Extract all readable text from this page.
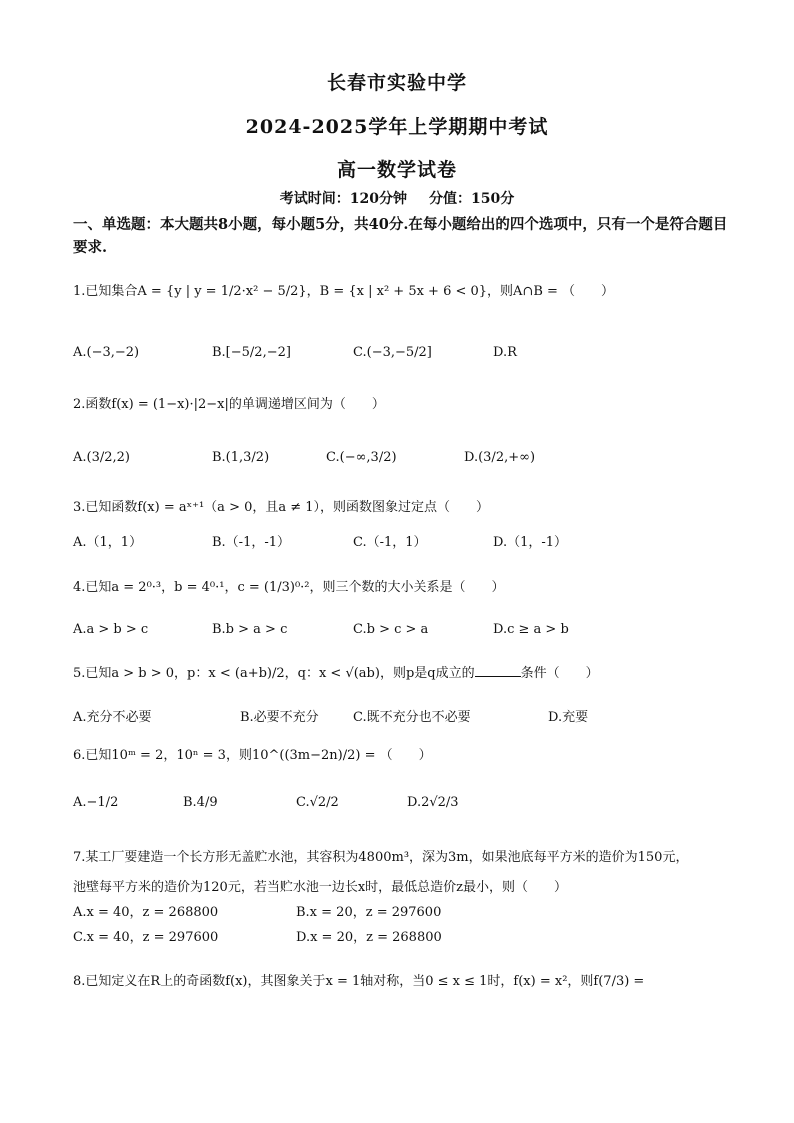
长春市实验中学
2024-2025学年上学期期中考试
高一数学试卷
考试时间：120分钟 分值：150分
一、单选题：本大题共8小题，每小题5分，共40分.在每小题给出的四个选项中，只有一个是符合题目要求.
1.已知集合A = {y | y = 1/2·x² − 5/2}，B = {x | x² + 5x + 6 < 0}，则A∩B = （　　）
A.(−3,−2)	B.[−5/2,−2]	C.(−3,−5/2]	D.R
2.函数f(x) = (1−x)·|2−x|的单调递增区间为（　　）
A.(3/2,2)	B.(1,3/2)	C.(−∞,3/2)	D.(3/2,+∞)
3.已知函数f(x) = aˣ⁺¹（a > 0，且a ≠ 1），则函数图象过定点（　　）
A.（1，1）	B.（-1，-1）	C.（-1，1）	D.（1，-1）
4.已知a = 2⁰·³，b = 4⁰·¹，c = (1/3)⁰·²，则三个数的大小关系是（　　）
A.a > b > c	B.b > a > c	C.b > c > a	D.c ≥ a > b
5.已知a > b > 0，p：x < (a+b)/2，q：x < √(ab)，则p是q成立的	条件（　　）
A.充分不必要	B.必要不充分	C.既不充分也不必要	D.充要
6.已知10ᵐ = 2，10ⁿ = 3，则10^((3m−2n)/2) = （　　）
A.−1/2	B.4/9	C.√2/2	D.2√2/3
7.某工厂要建造一个长方形无盖贮水池，其容积为4800m³，深为3m，如果池底每平方米的造价为150元，
池壁每平方米的造价为120元，若当贮水池一边长x时，最低总造价z最小，则（　　）
A.x = 40，z = 268800	B.x = 20，z = 297600
C.x = 40，z = 297600	D.x = 20，z = 268800
8.已知定义在R上的奇函数f(x)，其图象关于x = 1轴对称，当0 ≤ x ≤ 1时，f(x) = x²，则f(7/3) =
